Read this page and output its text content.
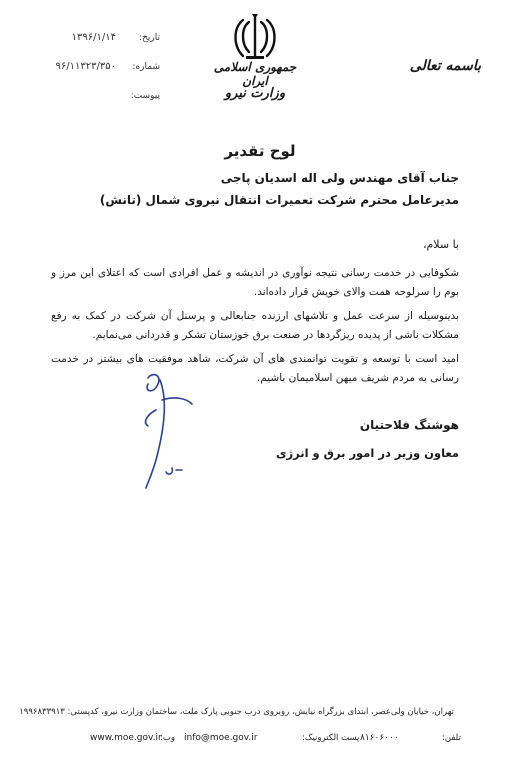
باسمه تعالی
جمهوری اسلامی ایران
وزارت نیرو
تاریخ:
۱۳۹۶/۱/۱۴
شماره:
۹۶/۱۱۳۲۳/۳۵۰
پیوست:
لوح تقدیر
جناب آقای مهندس ولی اله اسدیان پاجی
مدیرعامل محترم شرکت تعمیرات انتقال نیروی شمال (تانش)
با سلام،
شکوفایی در خدمت رسانی نتیجه نوآوری در اندیشه و عمل افرادی است که اعتلای این مرز و بوم را سرلوحه همت والای خویش قرار داده‌اند.
بدینوسیله از سرعت عمل و تلاشهای ارزنده جنابعالی و پرسنل آن شرکت در کمک به رفع مشکلات ناشی از پدیده ریزگردها در صنعت برق خوزستان تشکر و قدردانی می‌نمایم.
امید است با توسعه و تقویت توانمندی های آن شرکت، شاهد موفقیت های بیشتر در خدمت رسانی به مردم شریف میهن اسلامیمان باشیم.
هوشنگ فلاحتیان
معاون وزیر در امور برق و انرژی
تهران، خیابان ولی‌عصر، ابتدای بزرگراه نیایش، روبروی درب جنوبی پارک ملت، ساختمان وزارت نیرو، کدپستی: ۱۹۹۶۸۳۳۹۱۳
تلفن:
۸۱۶۰۶۰۰۰
پست الکترونیک:
info@moe.gov.ir
وب:
www.moe.gov.ir
